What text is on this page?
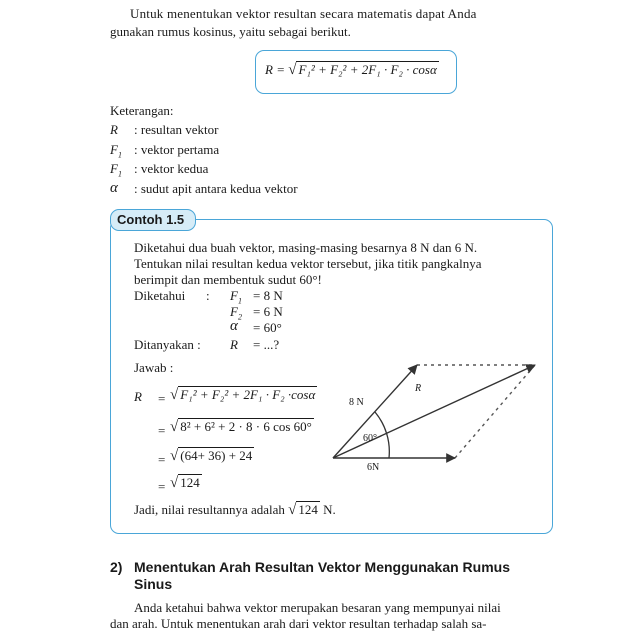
Untuk menentukan vektor resultan secara matematis dapat Anda
gunakan rumus kosinus, yaitu sebagai berikut.
R = √ F₁² + F₂² + 2F₁ · F₂ · cosα
Keterangan:
R : resultan vektor
$F_1$ : vektor pertama
$F_1$ : vektor kedua
α : sudut apit antara kedua vektor
Contoh 1.5
Diketahui dua buah vektor, masing-masing besarnya 8 N dan 6 N.
Tentukan nilai resultan kedua vektor tersebut, jika titik pangkalnya
berimpit dan membentuk sudut 60°!
Diketahui : $F_1 = 8$ N
$F_2 = 6$ N
α = 60°
Ditanyakan : R = ...?
Jawab :
R = √ F₁² + F₂² + 2F₁ · F₂ ·cosα
= √ 8² + 6² + 2 · 8 · 6 cos 60°
= √ (64+ 36) + 24
= √ 124
Jadi, nilai resultannya adalah √ 124 N.
R
8 N
60°
6N
2) Menentukan Arah Resultan Vektor Menggunakan Rumus
Sinus
Anda ketahui bahwa vektor merupakan besaran yang mempunyai nilai
dan arah. Untuk menentukan arah dari vektor resultan terhadap salah sa-
